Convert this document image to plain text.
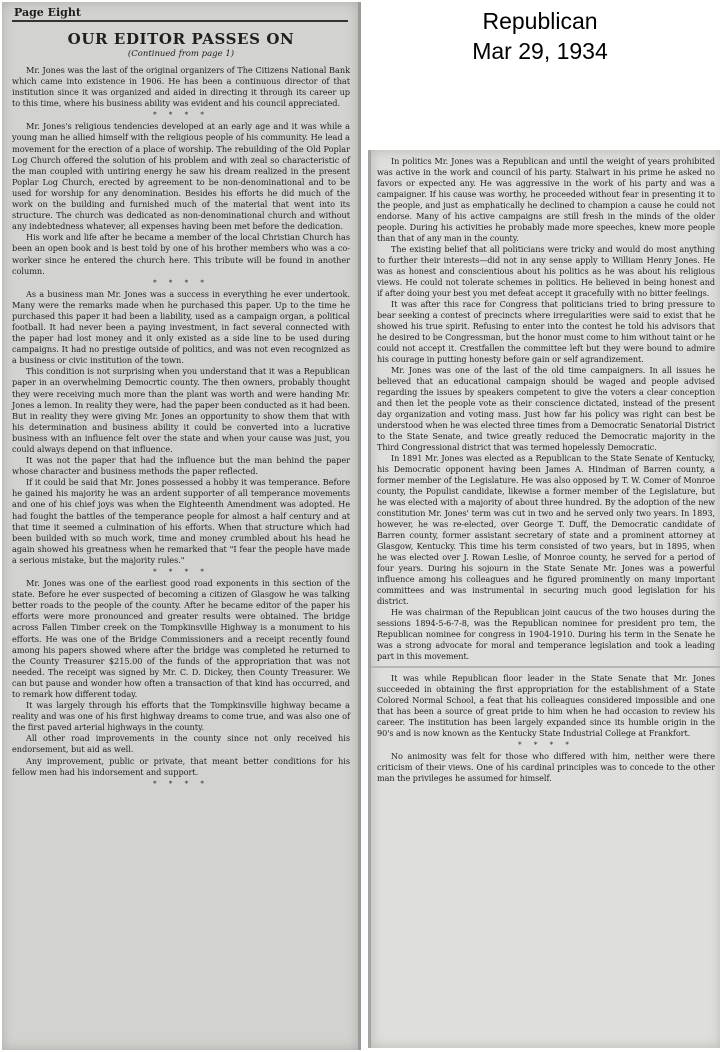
Republican
Mar 29, 1934
Page Eight
OUR EDITOR PASSES ON
(Continued from page 1)

Mr. Jones was the last of the original organizers of The Citizens National Bank which came into existence in 1906. He has been a continuous director of that institution since it was organized and aided in directing it through its career up to this time, where his business ability was evident and his council appreciated.

* * * *

Mr. Jones's religious tendencies developed at an early age and it was while a young man he allied himself with the religious people of his community. He lead a movement for the erection of a place of worship. The rebuilding of the Old Poplar Log Church offered the solution of his problem and with zeal so characteristic of the man coupled with untiring energy he saw his dream realized in the present Poplar Log Church, erected by agreement to be non-denominational and to be used for worship for any denomination. Besides his efforts he did much of the work on the building and furnished much of the material that went into its structure. The church was dedicated as non-denominational church and without any indebtedness whatever, all expenses having been met before the dedication.

His work and life after he became a member of the local Christian Church has been an open book and is best told by one of his brother members who was a co-worker since he entered the church here. This tribute will be found in another column.

* * * *

As a business man Mr. Jones was a success in everything he ever undertook. Many were the remarks made when he purchased this paper. Up to the time he purchased this paper it had been a liability, used as a campaign organ, a political football. It had never been a paying investment, in fact several connected with the paper had lost money and it only existed as a side line to be used during campaigns. It had no prestige outside of politics, and was not even recognized as a business or civic institution of the town.

This condition is not surprising when you understand that it was a Republican paper in an overwhelming Democrtic county. The then owners, probably thought they were receiving much more than the plant was worth and were handing Mr. Jones a lemon. In reality they were, had the paper been conducted as it had been. But in reality they were giving Mr. Jones an opportunity to show them that with his determination and business ability it could be converted into a lucrative business with an influence felt over the state and when your cause was just, you could always depend on that influence.

It was not the paper that had the influence but the man behind the paper whose character and business methods the paper reflected.

If it could be said that Mr. Jones possessed a hobby it was temperance. Before he gained his majority he was an ardent supporter of all temperance movements and one of his chief joys was when the Eighteenth Amendment was adopted. He had fought the battles of the temperance people for almost a half century and at that time it seemed a culmination of his efforts. When that structure which had been builded with so much work, time and money crumbled about his head he again showed his greatness when he remarked that "I fear the people have made a serious mistake, but the majority rules."

* * * *

Mr. Jones was one of the earliest good road exponents in this section of the state. Before he ever suspected of becoming a citizen of Glasgow he was talking better roads to the people of the county. After he became editor of the paper his efforts were more pronounced and greater results were obtained. The bridge across Fallen Timber creek on the Tompkinsville Highway is a monument to his efforts. He was one of the Bridge Commissioners and a receipt recently found among his papers showed where after the bridge was completed he returned to the County Treasurer $215.00 of the funds of the appropriation that was not needed. The receipt was signed by Mr. C. D. Dickey, then County Treasurer. We can but pause and wonder how often a transaction of that kind has occurred, and to remark how different today.

It was largely through his efforts that the Tompkinsville highway became a reality and was one of his first highway dreams to come true, and was also one of the first paved arterial highways in the county.

All other road improvements in the county since not only received his endorsement, but aid as well.

Any improvement, public or private, that meant better conditions for his fellow men had his indorsement and support.

* * * *

In politics Mr. Jones was a Republican and until the weight of years prohibited was active in the work and council of his party. Stalwart in his prime he asked no favors or expected any. He was aggressive in the work of his party and was a campaigner. If his cause was worthy, he proceeded without fear in presenting it to the people, and just as emphatically he declined to champion a cause he could not endorse. Many of his active campaigns are still fresh in the minds of the older people. During his activities he probably made more speeches, knew more people than that of any man in the county.

The existing belief that all politicians were tricky and would do most anything to further their interests—did not in any sense apply to William Henry Jones. He was as honest and conscientious about his politics as he was about his religious views. He could not tolerate schemes in politics. He believed in being honest and if after doing your best you met defeat accept it gracefully with no bitter feelings.

It was after this race for Congress that politicians tried to bring pressure to bear seeking a contest of precincts where irregularities were said to exist that he showed his true spirit. Refusing to enter into the contest he told his advisors that he desired to be Congressman, but the honor must come to him without taint or he could not accept it. Crestfallen the committee left but they were bound to admire his courage in putting honesty before gain or self agrandizement.

Mr. Jones was one of the last of the old time campaigners. In all issues he believed that an educational campaign should be waged and people advised regarding the issues by speakers competent to give the voters a clear conception and then let the people vote as their conscience dictated, instead of the present day organization and voting mass. Just how far his policy was right can best be understood when he was elected three times from a Democratic Senatorial District to the State Senate, and twice greatly reduced the Democratic majority in the Third Congressional district that was termed hopelessly Democratic.

In 1891 Mr. Jones was elected as a Republican to the State Senate of Kentucky, his Democratic opponent having been James A. Hindman of Barren county, a former member of the Legislature. He was also opposed by T. W. Comer of Monroe county, the Populist candidate, likewise a former member of the Legislature, but he was elected with a majority of about three hundred. By the adoption of the new constitution Mr. Jones' term was cut in two and he served only two years. In 1893, however, he was re-elected, over George T. Duff, the Democratic candidate of Barren county, former assistant secretary of state and a prominent attorney at Glasgow, Kentucky. This time his term consisted of two years, but in 1895, when he was elected over J. Rowan Leslie, of Monroe county, he served for a period of four years. During his sojourn in the State Senate Mr. Jones was a powerful influence among his colleagues and he figured prominently on many important committees and was instrumental in securing much good legislation for his district.

He was chairman of the Republican joint caucus of the two houses during the sessions 1894-5-6-7-8, was the Republican nominee for president pro tem, the Republican nominee for congress in 1904-1910. During his term in the Senate he was a strong advocate for moral and temperance legislation and took a leading part in this movement.

It was while Republican floor leader in the State Senate that Mr. Jones succeeded in obtaining the first appropriation for the establishment of a State Colored Normal School, a feat that his colleagues considered impossible and one that has been a source of great pride to him when he had occasion to review his career. The institution has been largely expanded since its humble origin in the 90's and is now known as the Kentucky State Industrial College at Frankfort.

* * * *

No animosity was felt for those who differed with him, neither were there criticism of their views. One of his cardinal principles was to concede to the other man the privileges he assumed for himself.
